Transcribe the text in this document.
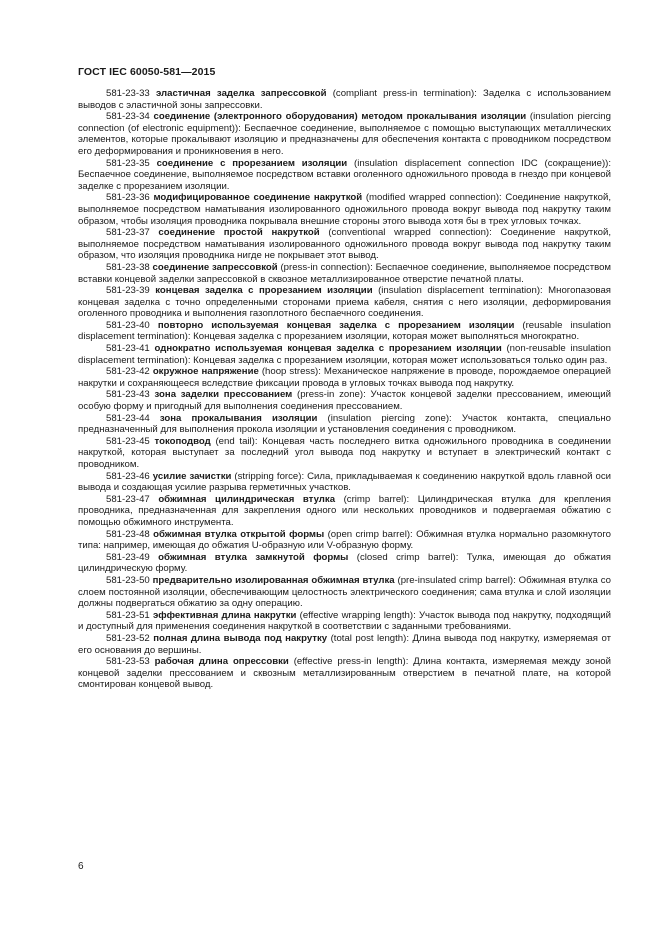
ГОСТ IEC 60050-581—2015

581-23-33 эластичная заделка запрессовкой (compliant press-in termination): Заделка с использованием выводов с эластичной зоны запрессовки.

581-23-34 соединение (электронного оборудования) методом прокалывания изоляции (insulation piercing connection (of electronic equipment)): Беспаечное соединение, выполняемое с помощью выступающих металлических элементов, которые прокалывают изоляцию и предназначены для обеспечения контакта с проводником посредством его деформирования и проникновения в него.

581-23-35 соединение с прорезанием изоляции (insulation displacement connection IDC (сокращение)): Беспаечное соединение, выполняемое посредством вставки оголенного одножильного провода в гнездо при концевой заделке с прорезанием изоляции.

581-23-36 модифицированное соединение накруткой (modified wrapped connection): Соединение накруткой, выполняемое посредством наматывания изолированного одножильного провода вокруг вывода под накрутку таким образом, чтобы изоляция проводника покрывала внешние стороны этого вывода хотя бы в трех угловых точках.

581-23-37 соединение простой накруткой (conventional wrapped connection): Соединение накруткой, выполняемое посредством наматывания изолированного одножильного провода вокруг вывода под накрутку таким образом, что изоляция проводника нигде не покрывает этот вывод.

581-23-38 соединение запрессовкой (press-in connection): Беспаечное соединение, выполняемое посредством вставки концевой заделки запрессовкой в сквозное металлизированное отверстие печатной платы.

581-23-39 концевая заделка с прорезанием изоляции (insulation displacement termination): Многопазовая концевая заделка с точно определенными сторонами приема кабеля, снятия с него изоляции, деформирования оголенного проводника и выполнения газоплотного беспаечного соединения.

581-23-40 повторно используемая концевая заделка с прорезанием изоляции (reusable insulation displacement termination): Концевая заделка с прорезанием изоляции, которая может выполняться многократно.

581-23-41 однократно используемая концевая заделка с прорезанием изоляции (non-reusable insulation displacement termination): Концевая заделка с прорезанием изоляции, которая может использоваться только один раз.

581-23-42 окружное напряжение (hoop stress): Механическое напряжение в проводе, порождаемое операцией накрутки и сохраняющееся вследствие фиксации провода в угловых точках вывода под накрутку.

581-23-43 зона заделки прессованием (press-in zone): Участок концевой заделки прессованием, имеющий особую форму и пригодный для выполнения соединения прессованием.

581-23-44 зона прокалывания изоляции (insulation piercing zone): Участок контакта, специально предназначенный для выполнения прокола изоляции и установления соединения с проводником.

581-23-45 токоподвод (end tail): Концевая часть последнего витка одножильного проводника в соединении накруткой, которая выступает за последний угол вывода под накрутку и вступает в электрический контакт с проводником.

581-23-46 усилие зачистки (stripping force): Сила, прикладываемая к соединению накруткой вдоль главной оси вывода и создающая усилие разрыва герметичных участков.

581-23-47 обжимная цилиндрическая втулка (crimp barrel): Цилиндрическая втулка для крепления проводника, предназначенная для закрепления одного или нескольких проводников и подвергаемая обжатию с помощью обжимного инструмента.

581-23-48 обжимная втулка открытой формы (open crimp barrel): Обжимная втулка нормально разомкнутого типа: например, имеющая до обжатия U-образную или V-образную форму.

581-23-49 обжимная втулка замкнутой формы (closed crimp barrel): Тулка, имеющая до обжатия цилиндрическую форму.

581-23-50 предварительно изолированная обжимная втулка (pre-insulated crimp barrel): Обжимная втулка со слоем постоянной изоляции, обеспечивающим целостность электрического соединения; сама втулка и слой изоляции должны подвергаться обжатию за одну операцию.

581-23-51 эффективная длина накрутки (effective wrapping length): Участок вывода под накрутку, подходящий и доступный для применения соединения накруткой в соответствии с заданными требованиями.

581-23-52 полная длина вывода под накрутку (total post length): Длина вывода под накрутку, измеряемая от его основания до вершины.

581-23-53 рабочая длина опрессовки (effective press-in length): Длина контакта, измеряемая между зоной концевой заделки прессованием и сквозным металлизированным отверстием в печатной плате, на которой смонтирован концевой вывод.

6
